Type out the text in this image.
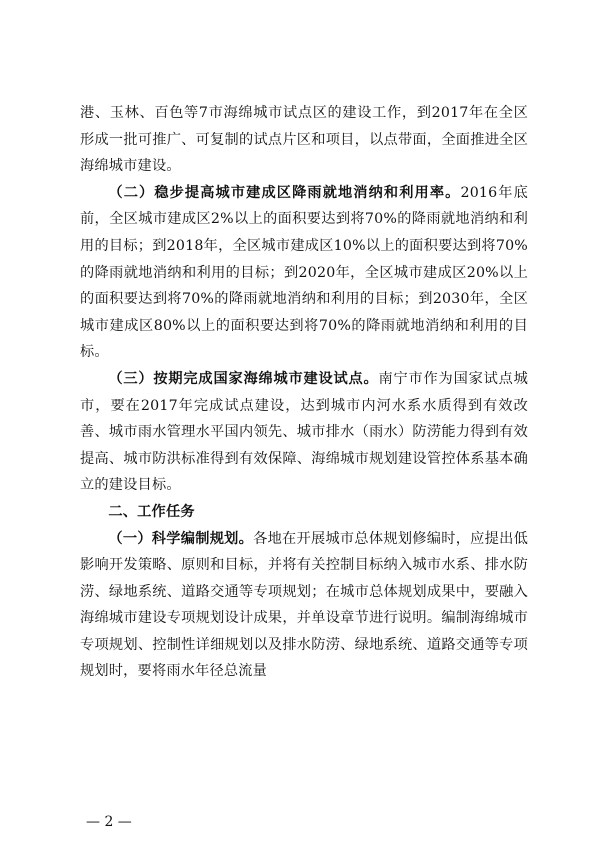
港、玉林、百色等7市海绵城市试点区的建设工作，到2017年在全区形成一批可推广、可复制的试点片区和项目，以点带面，全面推进全区海绵城市建设。

（二）稳步提高城市建成区降雨就地消纳和利用率。2016年底前，全区城市建成区2%以上的面积要达到将70%的降雨就地消纳和利用的目标；到2018年，全区城市建成区10%以上的面积要达到将70%的降雨就地消纳和利用的目标；到2020年，全区城市建成区20%以上的面积要达到将70%的降雨就地消纳和利用的目标；到2030年，全区城市建成区80%以上的面积要达到将70%的降雨就地消纳和利用的目标。

（三）按期完成国家海绵城市建设试点。南宁市作为国家试点城市，要在2017年完成试点建设，达到城市内河水系水质得到有效改善、城市雨水管理水平国内领先、城市排水（雨水）防涝能力得到有效提高、城市防洪标准得到有效保障、海绵城市规划建设管控体系基本确立的建设目标。

二、工作任务

（一）科学编制规划。各地在开展城市总体规划修编时，应提出低影响开发策略、原则和目标，并将有关控制目标纳入城市水系、排水防涝、绿地系统、道路交通等专项规划；在城市总体规划成果中，要融入海绵城市建设专项规划设计成果，并单设章节进行说明。编制海绵城市专项规划、控制性详细规划以及排水防涝、绿地系统、道路交通等专项规划时，要将雨水年径总流量

— 2 —
